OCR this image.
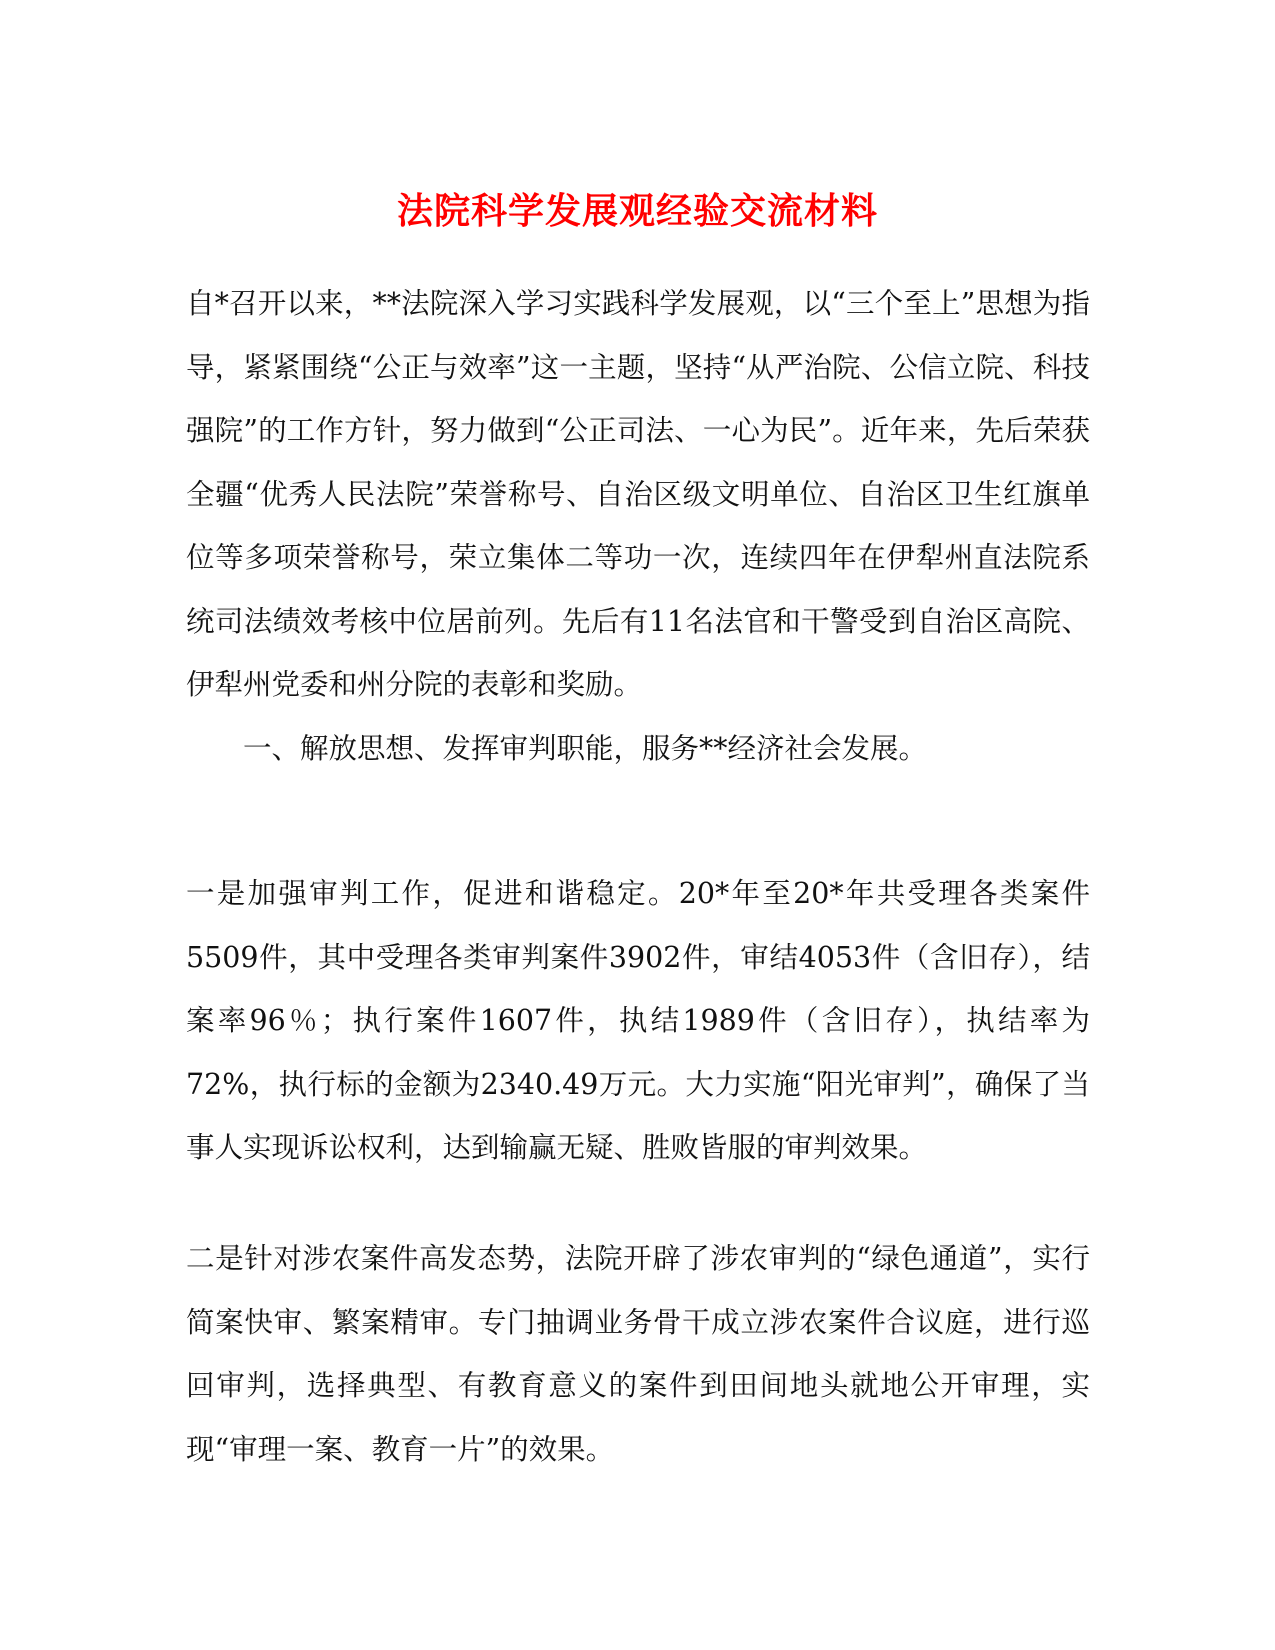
法院科学发展观经验交流材料

自*召开以来，**法院深入学习实践科学发展观，以“三个至上”思想为指导，紧紧围绕“公正与效率”这一主题，坚持“从严治院、公信立院、科技强院”的工作方针，努力做到“公正司法、一心为民”。近年来，先后荣获全疆“优秀人民法院”荣誉称号、自治区级文明单位、自治区卫生红旗单位等多项荣誉称号，荣立集体二等功一次，连续四年在伊犁州直法院系统司法绩效考核中位居前列。先后有11名法官和干警受到自治区高院、伊犁州党委和州分院的表彰和奖励。

一、解放思想、发挥审判职能，服务**经济社会发展。

一是加强审判工作，促进和谐稳定。20*年至20*年共受理各类案件5509件，其中受理各类审判案件3902件，审结4053件（含旧存），结案率96％；执行案件1607件，执结1989件（含旧存），执结率为72%，执行标的金额为2340.49万元。大力实施“阳光审判”，确保了当事人实现诉讼权利，达到输赢无疑、胜败皆服的审判效果。

二是针对涉农案件高发态势，法院开辟了涉农审判的“绿色通道”，实行简案快审、繁案精审。专门抽调业务骨干成立涉农案件合议庭，进行巡回审判，选择典型、有教育意义的案件到田间地头就地公开审理，实现“审理一案、教育一片”的效果。
